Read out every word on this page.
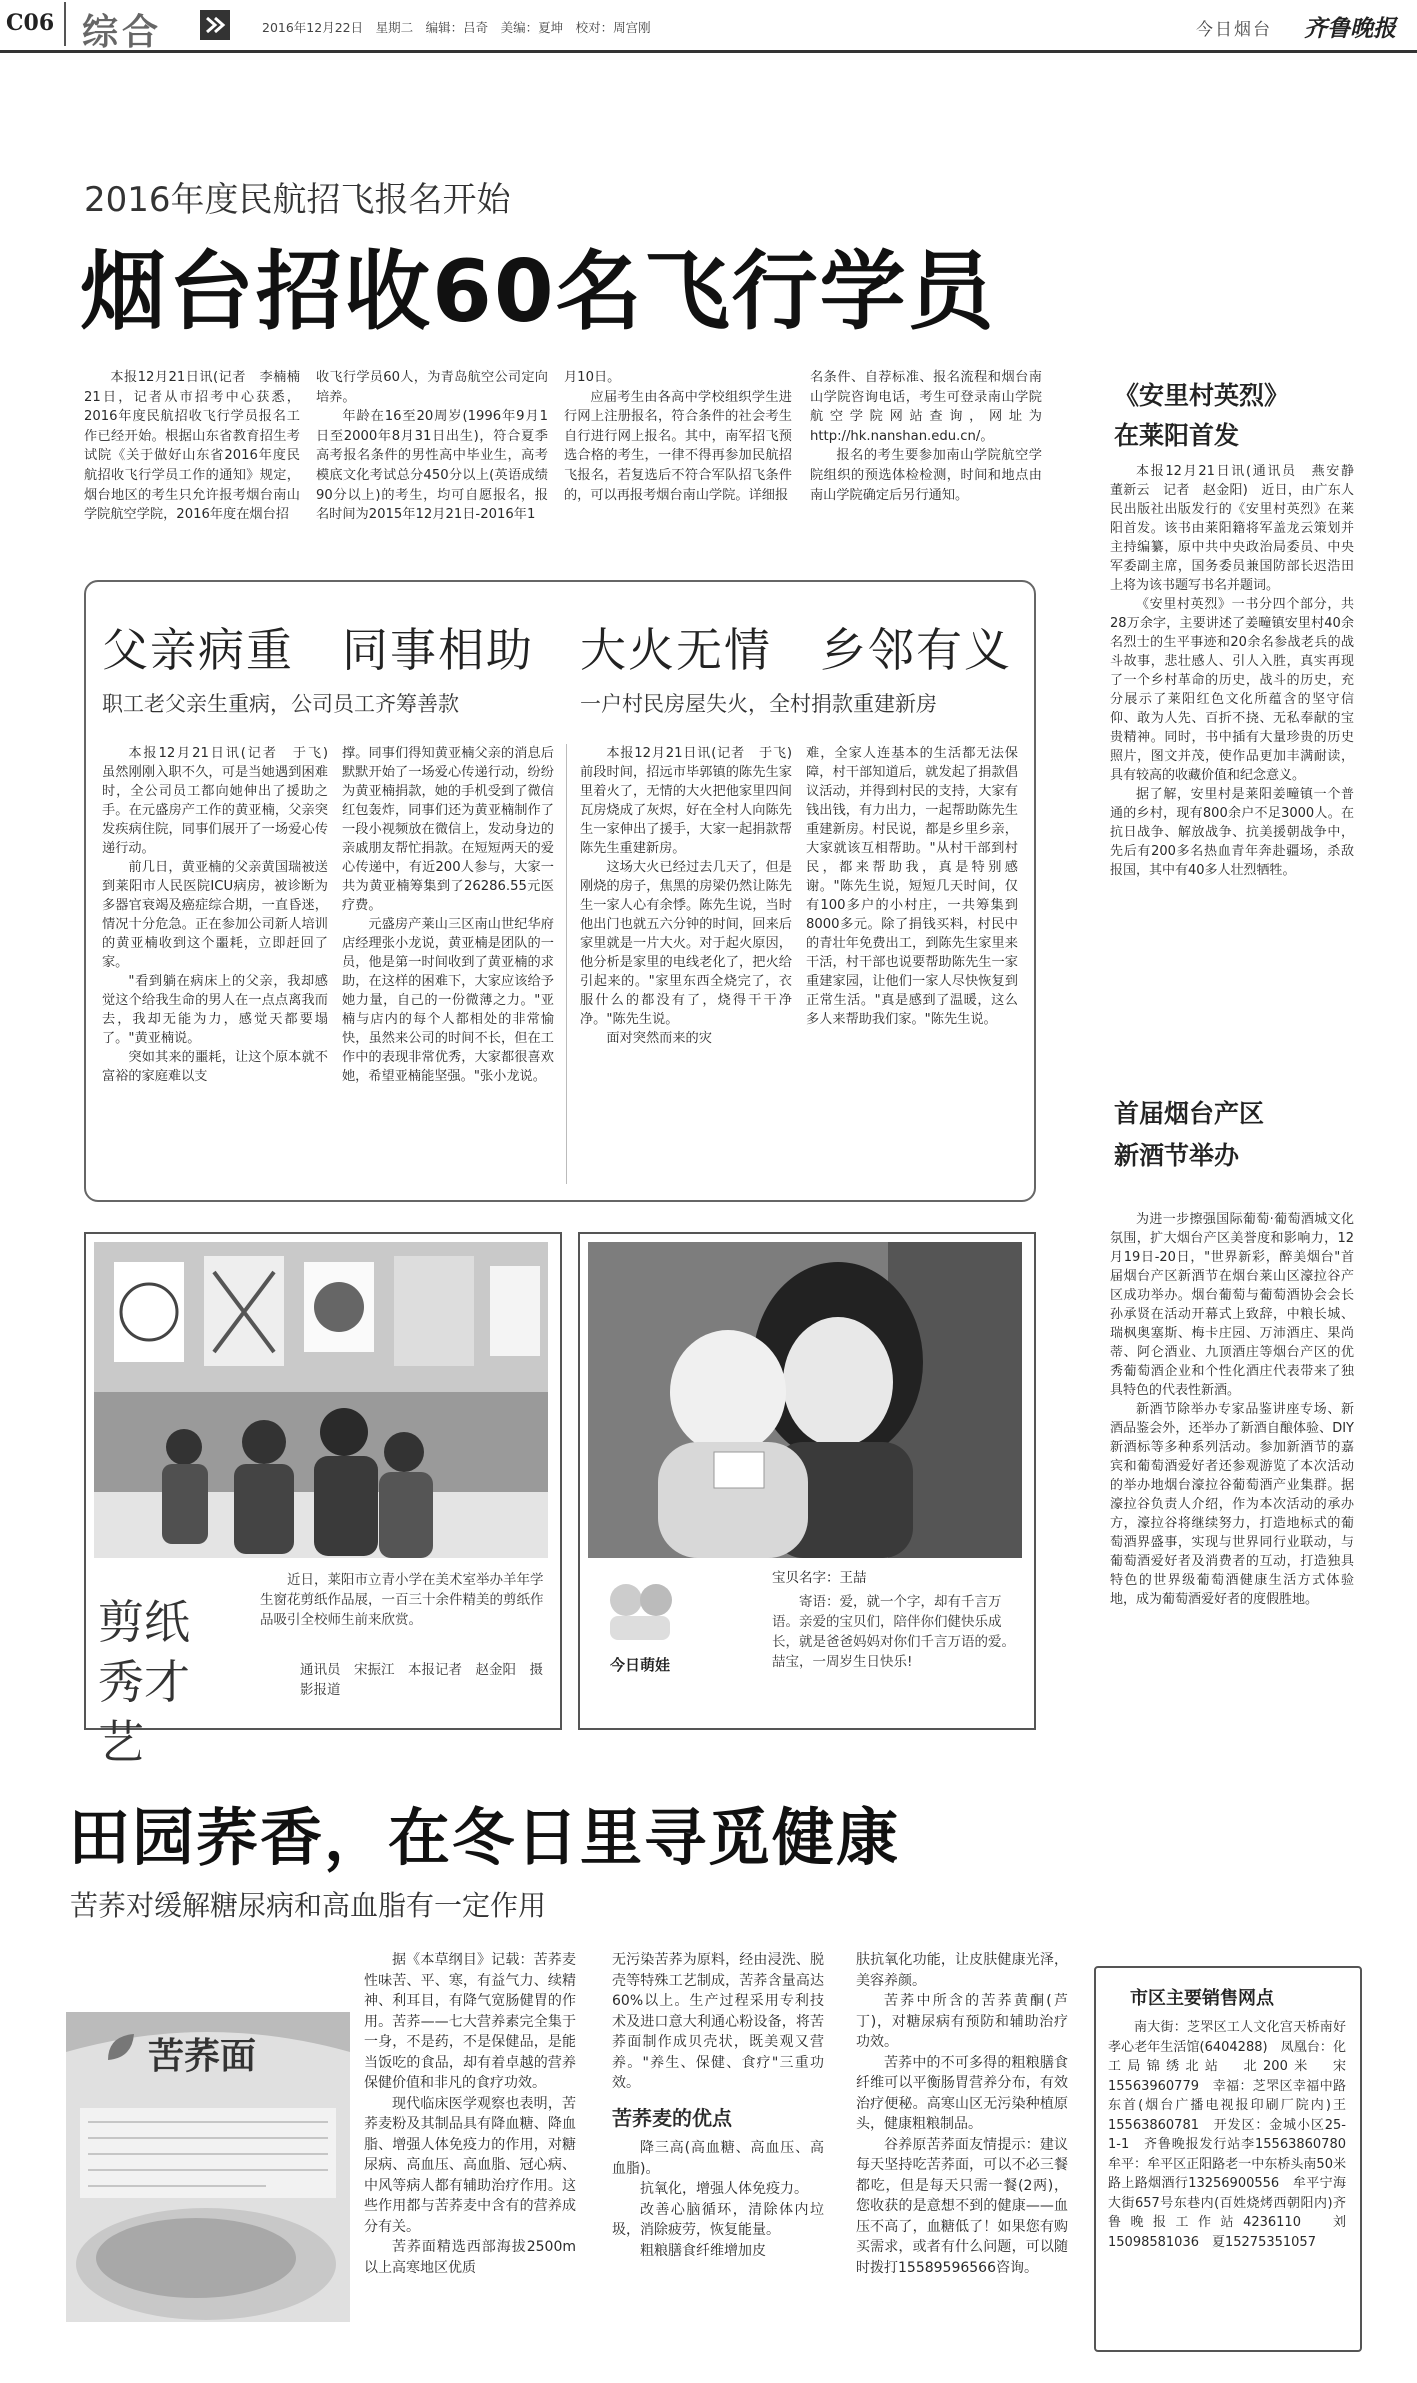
C06 综合	2016年12月22日　星期二　编辑：吕奇　美编：夏坤　校对：周宫刚	今日烟台 齐鲁晚报
2016年度民航招飞报名开始
烟台招收60名飞行学员

本报12月21日讯(记者　李楠楠　21日，记者从市招考中心获悉，2016年度民航招收飞行学员报名工作已经开始。根据山东省教育招生考试院《关于做好山东省2016年度民航招收飞行学员工作的通知》规定，烟台地区的考生只允许报考烟台南山学院航空学院，2016年度在烟台招

收飞行学员60人，为青岛航空公司定向培养。

年龄在16至20周岁(1996年9月1日至2000年8月31日出生)，符合夏季高考报名条件的男性高中毕业生，高考模底文化考试总分450分以上(英语成绩90分以上)的考生，均可自愿报名，报名时间为2015年12月21日-2016年1

月10日。

应届考生由各高中学校组织学生进行网上注册报名，符合条件的社会考生自行进行网上报名。其中，南军招飞预选合格的考生，一律不得再参加民航招飞报名，若复选后不符合军队招飞条件的，可以再报考烟台南山学院。详细报

名条件、自荐标准、报名流程和烟台南山学院咨询电话，考生可登录南山学院航空学院网站查询，网址为http://hk.nanshan.edu.cn/。

报名的考生要参加南山学院航空学院组织的预选体检检测，时间和地点由南山学院确定后另行通知。

父亲病重　同事相助
职工老父亲生重病，公司员工齐筹善款
大火无情　乡邻有义
一户村民房屋失火，全村捐款重建新房

本报12月21日讯(记者　于飞)　虽然刚刚入职不久，可是当她遇到困难时，全公司员工都向她伸出了援助之手。在元盛房产工作的黄亚楠，父亲突发疾病住院，同事们展开了一场爱心传递行动。

前几日，黄亚楠的父亲黄国瑞被送到莱阳市人民医院ICU病房，被诊断为多器官衰竭及癌症综合期，一直昏迷，情况十分危急。正在参加公司新人培训的黄亚楠收到这个噩耗，立即赶回了家。

"看到躺在病床上的父亲，我却感觉这个给我生命的男人在一点点离我而去，我却无能为力，感觉天都要塌了。"黄亚楠说。

突如其来的噩耗，让这个原本就不富裕的家庭难以支

撑。同事们得知黄亚楠父亲的消息后默默开始了一场爱心传递行动，纷纷为黄亚楠捐款，她的手机受到了微信红包轰炸，同事们还为黄亚楠制作了一段小视频放在微信上，发动身边的亲戚朋友帮忙捐款。在短短两天的爱心传递中，有近200人参与，大家一共为黄亚楠筹集到了26286.55元医疗费。

元盛房产莱山三区南山世纪华府店经理张小龙说，黄亚楠是团队的一员，他是第一时间收到了黄亚楠的求助，在这样的困难下，大家应该给予她力量，自己的一份微薄之力。"亚楠与店内的每个人都相处的非常愉快，虽然来公司的时间不长，但在工作中的表现非常优秀，大家都很喜欢她，希望亚楠能坚强。"张小龙说。

本报12月21日讯(记者　于飞)　前段时间，招远市毕郭镇的陈先生家里着火了，无情的大火把他家里四间瓦房烧成了灰烬，好在全村人向陈先生一家伸出了援手，大家一起捐款帮陈先生重建新房。

这场大火已经过去几天了，但是刚烧的房子，焦黑的房梁仍然让陈先生一家人心有余悸。陈先生说，当时他出门也就五六分钟的时间，回来后家里就是一片大火。对于起火原因，他分析是家里的电线老化了，把火给引起来的。"家里东西全烧完了，衣服什么的都没有了，烧得干干净净。"陈先生说。

面对突然而来的灾

难，全家人连基本的生活都无法保障，村干部知道后，就发起了捐款倡议活动，并得到村民的支持，大家有钱出钱，有力出力，一起帮助陈先生重建新房。村民说，都是乡里乡亲，大家就该互相帮助。"从村干部到村民，都来帮助我，真是特别感谢。"陈先生说，短短几天时间，仅有100多户的小村庄，一共筹集到8000多元。除了捐钱买料，村民中的青壮年免费出工，到陈先生家里来干活，村干部也说要帮助陈先生一家重建家园，让他们一家人尽快恢复到正常生活。"真是感到了温暖，这么多人来帮助我们家。"陈先生说。

剪纸秀才艺
近日，莱阳市立青小学在美术室举办羊年学生窗花剪纸作品展，一百三十余件精美的剪纸作品吸引全校师生前来欣赏。
通讯员　宋振江　本报记者　赵金阳　摄影报道
今日萌娃
宝贝名字：王喆
寄语：爱，就一个字，却有千言万语。亲爱的宝贝们，陪伴你们健快乐成长，就是爸爸妈妈对你们千言万语的爱。喆宝，一周岁生日快乐!
《安里村英烈》
在莱阳首发

本报12月21日讯(通讯员　燕安静　董新云　记者　赵金阳)　近日，由广东人民出版社出版发行的《安里村英烈》在莱阳首发。该书由莱阳籍将军盖龙云策划并主持编纂，原中共中央政治局委员、中央军委副主席，国务委员兼国防部长迟浩田上将为该书题写书名并题词。

《安里村英烈》一书分四个部分，共28万余字，主要讲述了姜疃镇安里村40余名烈士的生平事迹和20余名参战老兵的战斗故事，悲壮感人、引人入胜，真实再现了一个乡村革命的历史，战斗的历史，充分展示了莱阳红色文化所蕴含的坚守信仰、敢为人先、百折不挠、无私奉献的宝贵精神。同时，书中插有大量珍贵的历史照片，图文并茂，使作品更加丰满耐读，具有较高的收藏价值和纪念意义。

据了解，安里村是莱阳姜疃镇一个普通的乡村，现有800余户不足3000人。在抗日战争、解放战争、抗美援朝战争中，先后有200多名热血青年奔赴疆场，杀敌报国，其中有40多人壮烈牺牲。

首届烟台产区
新酒节举办

为进一步擦强国际葡萄·葡萄酒城文化氛围，扩大烟台产区美誉度和影响力，12月19日-20日，"世界新彩，醉美烟台"首届烟台产区新酒节在烟台莱山区濠拉谷产区成功举办。烟台葡萄与葡萄酒协会会长孙承贤在活动开幕式上致辞，中粮长城、瑞枫奥塞斯、梅卡庄园、万沛酒庄、果尚蒂、阿仑酒业、九顶酒庄等烟台产区的优秀葡萄酒企业和个性化酒庄代表带来了独具特色的代表性新酒。

新酒节除举办专家品鉴讲座专场、新酒品鉴会外，还举办了新酒自酿体验、DIY新酒标等多种系列活动。参加新酒节的嘉宾和葡萄酒爱好者还参观游览了本次活动的举办地烟台濠拉谷葡萄酒产业集群。据濠拉谷负责人介绍，作为本次活动的承办方，濠拉谷将继续努力，打造地标式的葡萄酒界盛事，实现与世界同行业联动，与葡萄酒爱好者及消费者的互动，打造独具特色的世界级葡萄酒健康生活方式体验地，成为葡萄酒爱好者的度假胜地。

田园荞香，在冬日里寻觅健康
苦荞对缓解糖尿病和高血脂有一定作用
苦荞面

据《本草纲目》记载：苦荞麦性味苦、平、寒，有益气力、续精神、利耳目，有降气宽肠健胃的作用。苦荞——七大营养素完全集于一身，不是药，不是保健品，是能当饭吃的食品，却有着卓越的营养保健价值和非凡的食疗功效。

现代临床医学观察也表明，苦荞麦粉及其制品具有降血糖、降血脂、增强人体免疫力的作用，对糖尿病、高血压、高血脂、冠心病、中风等病人都有辅助治疗作用。这些作用都与苦荞麦中含有的营养成分有关。

苦荞面精选西部海拔2500m以上高寒地区优质

无污染苦荞为原料，经由浸洗、脱壳等特殊工艺制成，苦荞含量高达60%以上。生产过程采用专利技术及进口意大利通心粉设备，将苦荞面制作成贝壳状，既美观又营养。"养生、保健、食疗"三重功效。

苦荞麦的优点

降三高(高血糖、高血压、高血脂)。

抗氧化，增强人体免疫力。

改善心脑循环，清除体内垃圾，消除疲劳，恢复能量。

粗粮膳食纤维增加皮

肤抗氧化功能，让皮肤健康光泽，美容养颜。

苦荞中所含的苦荞黄酮(芦丁)，对糖尿病有预防和辅助治疗功效。

苦荞中的不可多得的粗粮膳食纤维可以平衡肠胃营养分布，有效治疗便秘。高寒山区无污染种植原头，健康粗粮制品。

谷养原苦荞面友情提示：建议每天坚持吃苦荞面，可以不必三餐都吃，但是每天只需一餐(2两)，您收获的是意想不到的健康——血压不高了，血糖低了！如果您有购买需求，或者有什么问题，可以随时拨打15589596566咨询。

市区主要销售网点

南大街：芝罘区工人文化宫天桥南好孝心老年生活馆(6404288)　凤凰台：化工局锦绣北站　北200米　宋15563960779　幸福：芝罘区幸福中路东首(烟台广播电视报印刷厂院内)王15563860781　开发区：金城小区25-1-1　齐鲁晚报发行站李15563860780　牟平：牟平区正阳路老一中东桥头南50米路上路烟酒行13256900556　牟平宁海大街657号东巷内(百姓烧烤西朝阳内)齐鲁晚报工作站4236110　刘15098581036　夏15275351057
